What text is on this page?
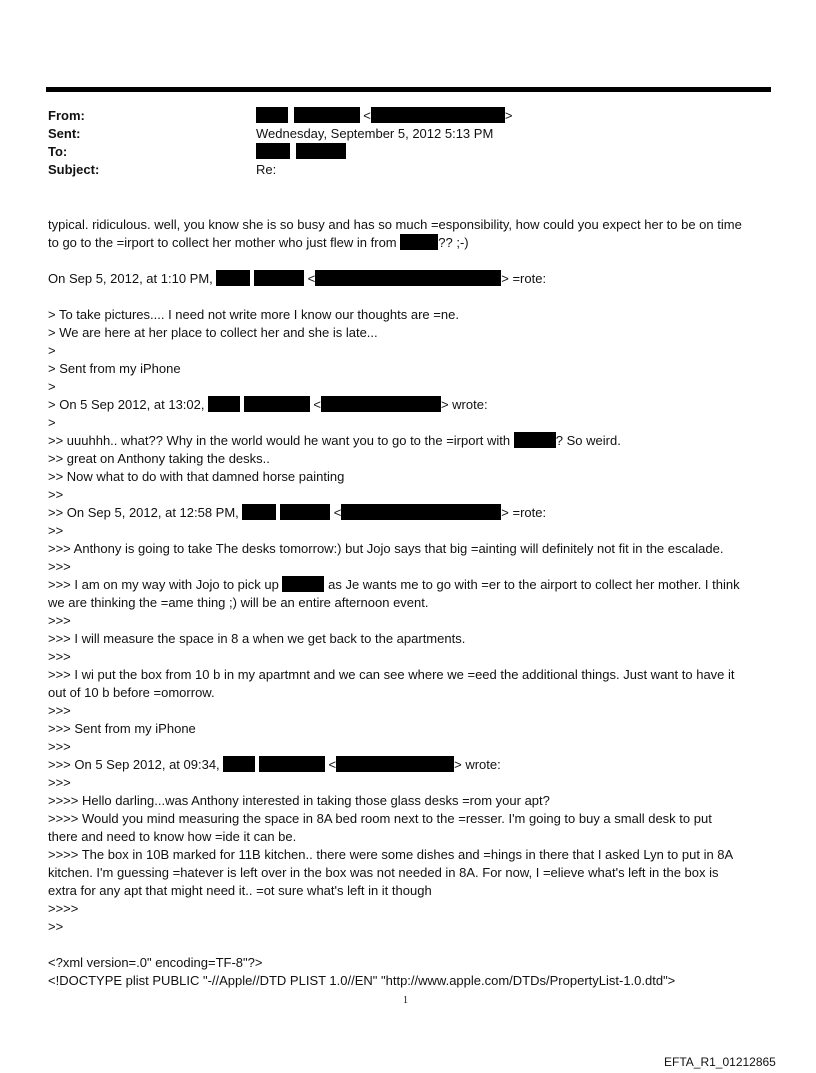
From:	<	>
Sent:	Wednesday, September 5, 2012 5:13 PM
To:

Subject:	Re:
typical. ridiculous. well, you know she is so busy and has so much =esponsibility, how could you expect her to be on time
to go to the =irport to collect her mother who just flew in from	?? ;-)
On Sep 5, 2012, at 1:10 PM,	<	> =rote:
> To take pictures.... I need not write more I know our thoughts are =ne.
> We are here at her place to collect her and she is late...
>
> Sent from my iPhone
>
> On 5 Sep 2012, at 13:02,	<	> wrote:
>
>> uuuhhh.. what?? Why in the world would he want you to go to the =irport with	? So weird.
>> great on Anthony taking the desks..
>> Now what to do with that damned horse painting
>>
>> On Sep 5, 2012, at 12:58 PM,	<	> =rote:
>>
>>> Anthony is going to take The desks tomorrow:) but Jojo says that big =ainting will definitely not fit in the escalade.
>>>
>>> I am on my way with Jojo to pick up	as Je wants me to go with =er to the airport to collect her mother. I think
we are thinking the =ame thing ;) will be an entire afternoon event.
>>>
>>> I will measure the space in 8 a when we get back to the apartments.
>>>
>>> I wi put the box from 10 b in my apartmnt and we can see where we =eed the additional things. Just want to have it
out of 10 b before =omorrow.
>>>
>>> Sent from my iPhone
>>>
>>> On 5 Sep 2012, at 09:34,	<	> wrote:
>>>
>>>> Hello darling...was Anthony interested in taking those glass desks =rom your apt?
>>>> Would you mind measuring the space in 8A bed room next to the =resser. I'm going to buy a small desk to put
there and need to know how =ide it can be.
>>>> The box in 10B marked for 11B kitchen.. there were some dishes and =hings in there that I asked Lyn to put in 8A
kitchen. I'm guessing =hatever is left over in the box was not needed in 8A. For now, I =elieve what's left in the box is
extra for any apt that might need it.. =ot sure what's left in it though
>>>>
>>
<?xml version=.0" encoding=TF-8"?>
<!DOCTYPE plist PUBLIC "-//Apple//DTD PLIST 1.0//EN" "http://www.apple.com/DTDs/PropertyList-1.0.dtd">
1
EFTA_R1_01212865
